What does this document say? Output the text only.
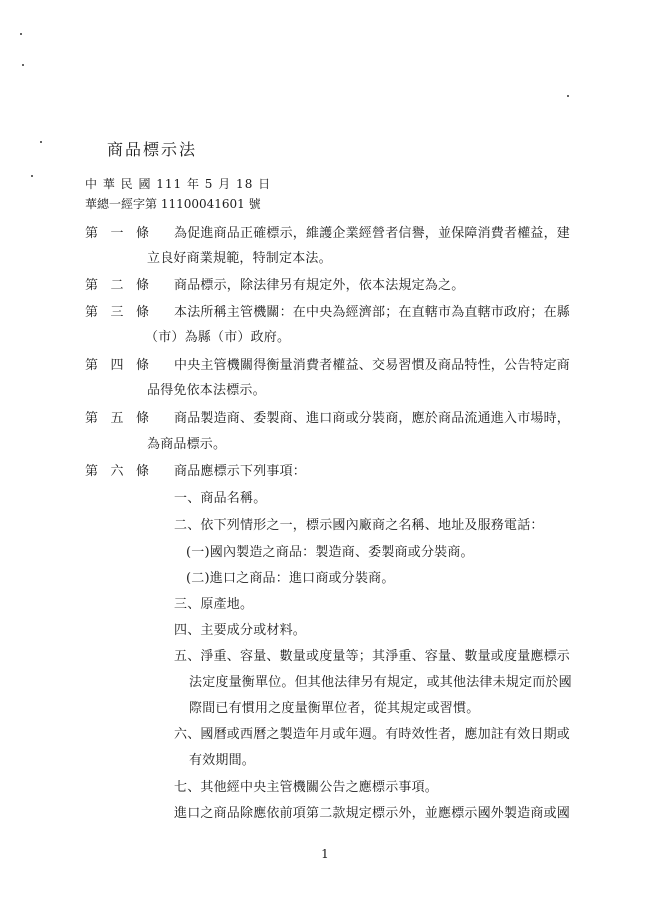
商品標示法
中 華 民 國 111 年 5 月 18 日
華總一經字第 11100041601 號
第 一 條 為促進商品正確標示，維護企業經營者信譽，並保障消費者權益，建
立良好商業規範，特制定本法。
第 二 條 商品標示，除法律另有規定外，依本法規定為之。
第 三 條 本法所稱主管機關：在中央為經濟部；在直轄市為直轄市政府；在縣
（市）為縣（市）政府。
第 四 條 中央主管機關得衡量消費者權益、交易習慣及商品特性，公告特定商
品得免依本法標示。
第 五 條 商品製造商、委製商、進口商或分裝商，應於商品流通進入市場時，
為商品標示。
第 六 條 商品應標示下列事項：
一、商品名稱。
二、依下列情形之一，標示國內廠商之名稱、地址及服務電話：
(一)國內製造之商品：製造商、委製商或分裝商。
(二)進口之商品：進口商或分裝商。
三、原產地。
四、主要成分或材料。
五、淨重、容量、數量或度量等；其淨重、容量、數量或度量應標示
法定度量衡單位。但其他法律另有規定，或其他法律未規定而於國
際間已有慣用之度量衡單位者，從其規定或習慣。
六、國曆或西曆之製造年月或年週。有時效性者，應加註有效日期或
有效期間。
七、其他經中央主管機關公告之應標示事項。
進口之商品除應依前項第二款規定標示外，並應標示國外製造商或國
1
